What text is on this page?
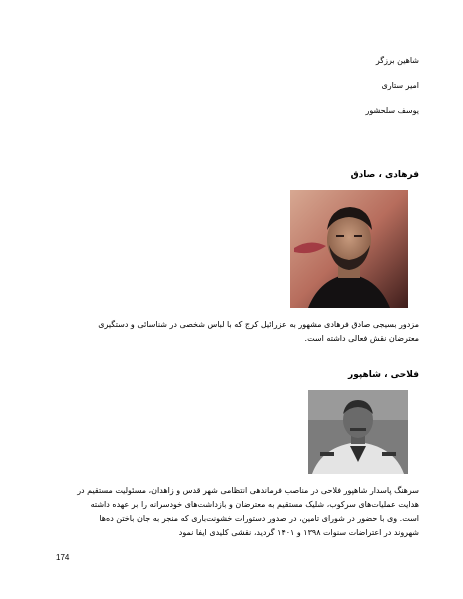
شاهین برزگر
امیر ستاری
یوسف سلحشور
فرهادی ، صادق
مزدور بسیجی صادق فرهادی مشهور به عزرائیل کرج که با لباس شخصی در شناسائی و دستگیری
معترضان نقش فعالی داشته است.
فلاحی ، شاهپور
سرهنگ پاسدار شاهپور فلاحی در مناصب فرماندهی انتظامی شهر قدس و زاهدان، مسئولیت مستقیم در
هدایت عملیات‌های سرکوب، شلیک مستقیم به معترضان و بازداشت‌های خودسرانه را بر عهده داشته
است. وی با حضور در شورای تامین، در صدور دستورات خشونت‌باری که منجر به جان باختن ده‌ها
شهروند در اعتراضات سنوات ۱۳۹۸ و ۱۴۰۱ گردید، نقشی کلیدی ایفا نمود
174
